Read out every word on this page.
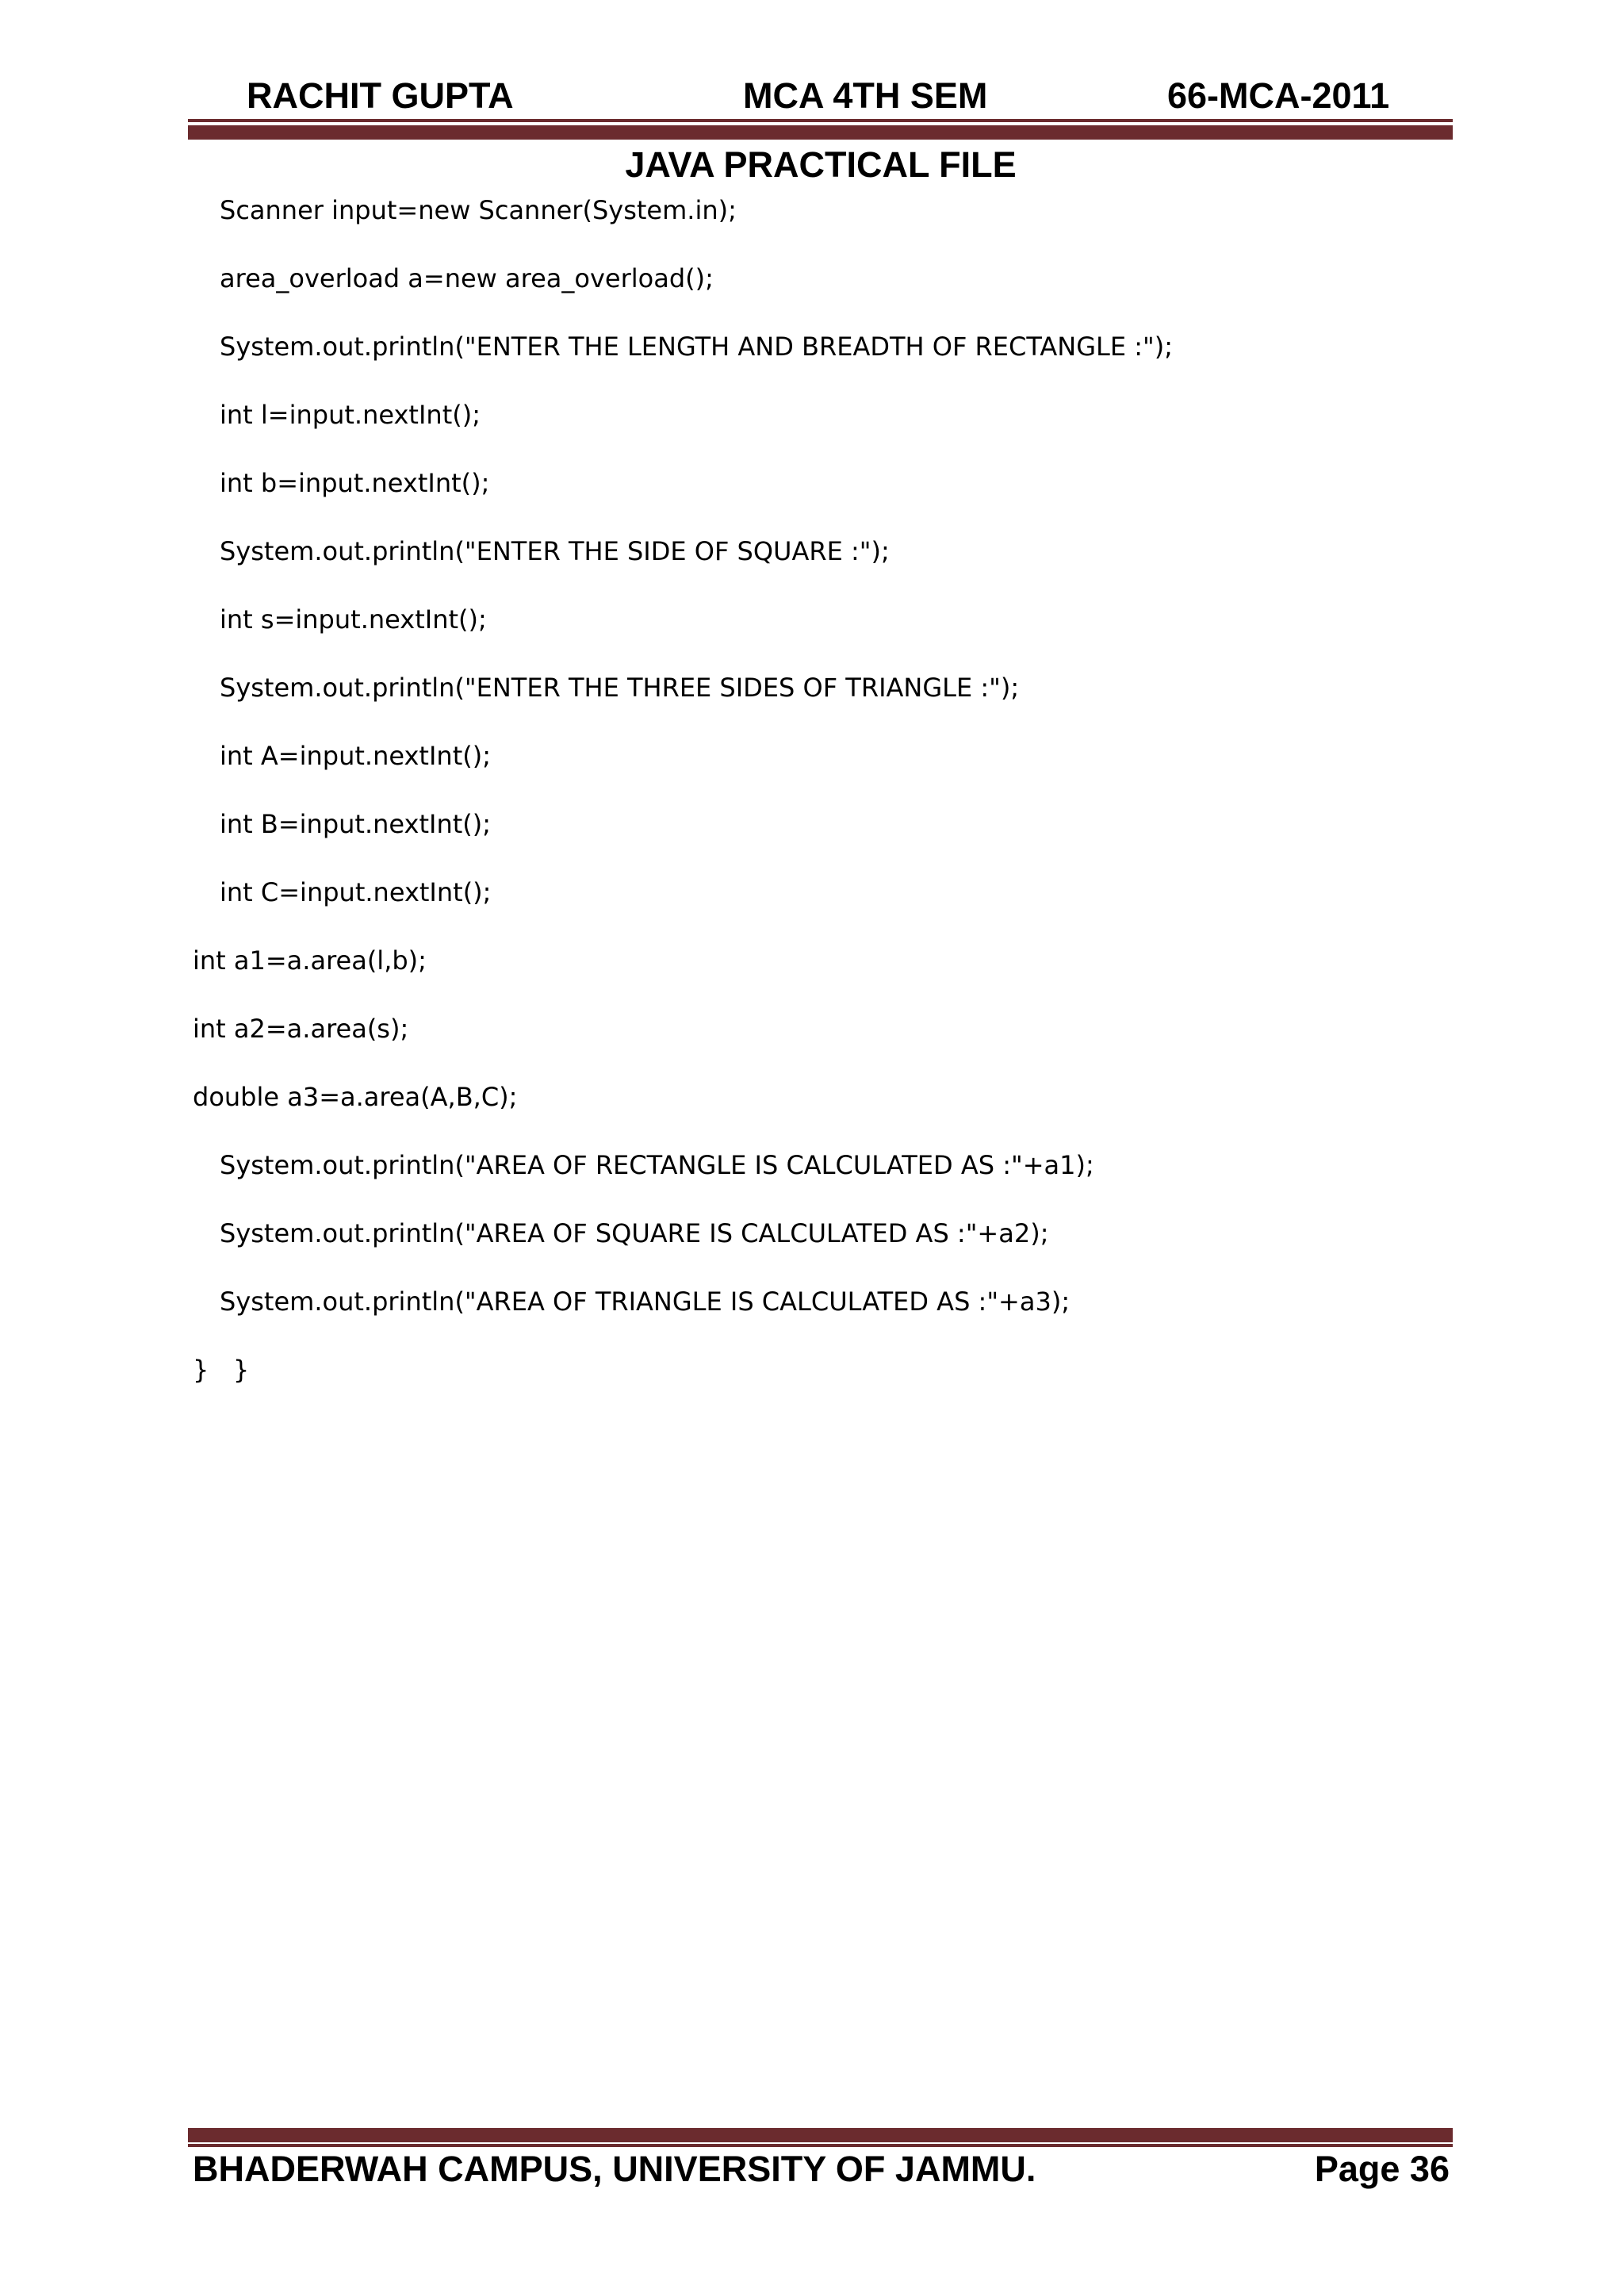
RACHIT GUPTA	MCA 4TH SEM	66-MCA-2011
JAVA PRACTICAL FILE
Scanner input=new Scanner(System.in);
area_overload a=new area_overload();
System.out.println("ENTER THE LENGTH AND BREADTH OF RECTANGLE :");
int l=input.nextInt();
int b=input.nextInt();
System.out.println("ENTER THE SIDE OF SQUARE :");
int s=input.nextInt();
System.out.println("ENTER THE THREE SIDES OF TRIANGLE :");
int A=input.nextInt();
int B=input.nextInt();
int C=input.nextInt();
int a1=a.area(l,b);
int a2=a.area(s);
double a3=a.area(A,B,C);
System.out.println("AREA OF RECTANGLE IS CALCULATED AS :"+a1);
System.out.println("AREA OF SQUARE IS CALCULATED AS :"+a2);
System.out.println("AREA OF TRIANGLE IS CALCULATED AS :"+a3);
}   }
BHADERWAH CAMPUS, UNIVERSITY OF JAMMU.	Page 36
